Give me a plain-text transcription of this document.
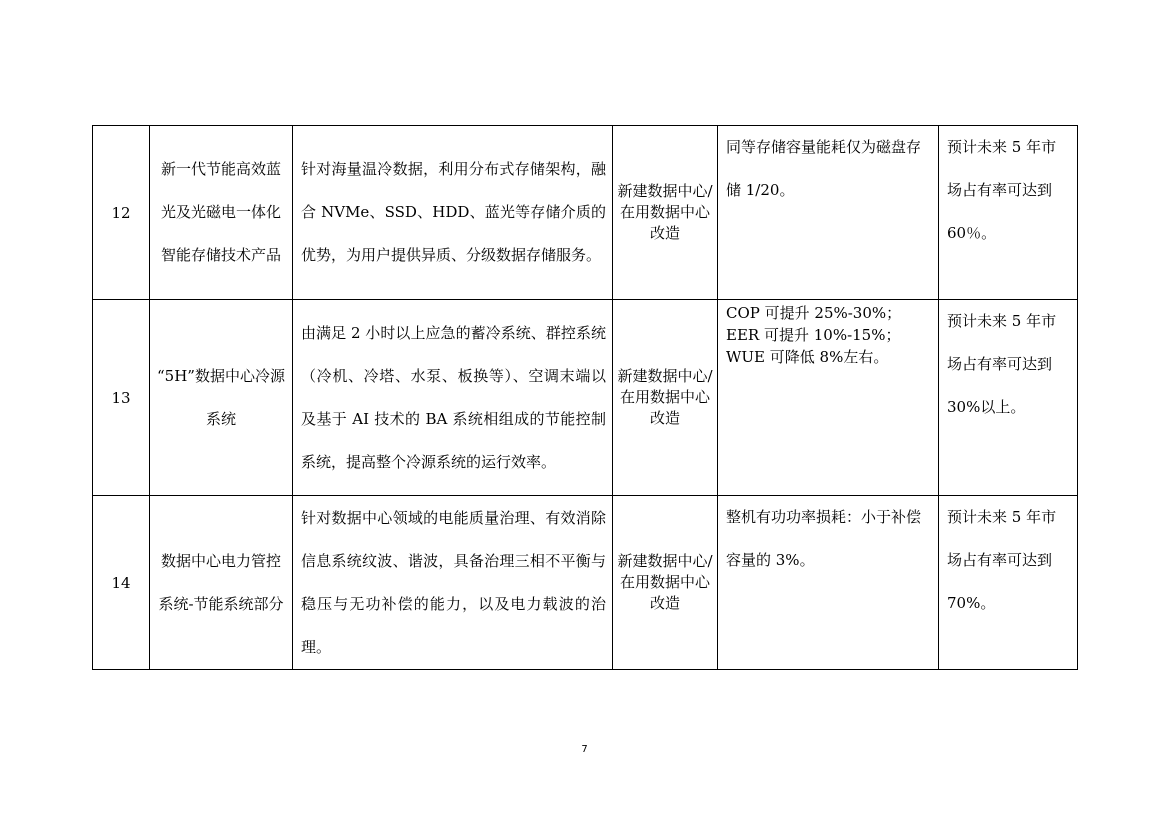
12	新一代节能高效蓝光及光磁电一体化智能存储技术产品	针对海量温冷数据，利用分布式存储架构，融合 NVMe、SSD、HDD、蓝光等存储介质的优势，为用户提供异质、分级数据存储服务。	新建数据中心/在用数据中心改造	同等存储容量能耗仅为磁盘存储 1/20。	预计未来 5 年市场占有率可达到 60％。
13	“5H”数据中心冷源系统	由满足 2 小时以上应急的蓄冷系统、群控系统（冷机、冷塔、水泵、板换等）、空调末端以及基于 AI 技术的 BA 系统相组成的节能控制系统，提高整个冷源系统的运行效率。	新建数据中心/在用数据中心改造	COP 可提升 25%-30%；EER 可提升 10%-15%；WUE 可降低 8%左右。	预计未来 5 年市场占有率可达到 30%以上。
14	数据中心电力管控系统-节能系统部分	针对数据中心领域的电能质量治理、有效消除信息系统纹波、谐波，具备治理三相不平衡与稳压与无功补偿的能力，以及电力载波的治理。	新建数据中心/在用数据中心改造	整机有功功率损耗：小于补偿容量的 3%。	预计未来 5 年市场占有率可达到 70%。
7
